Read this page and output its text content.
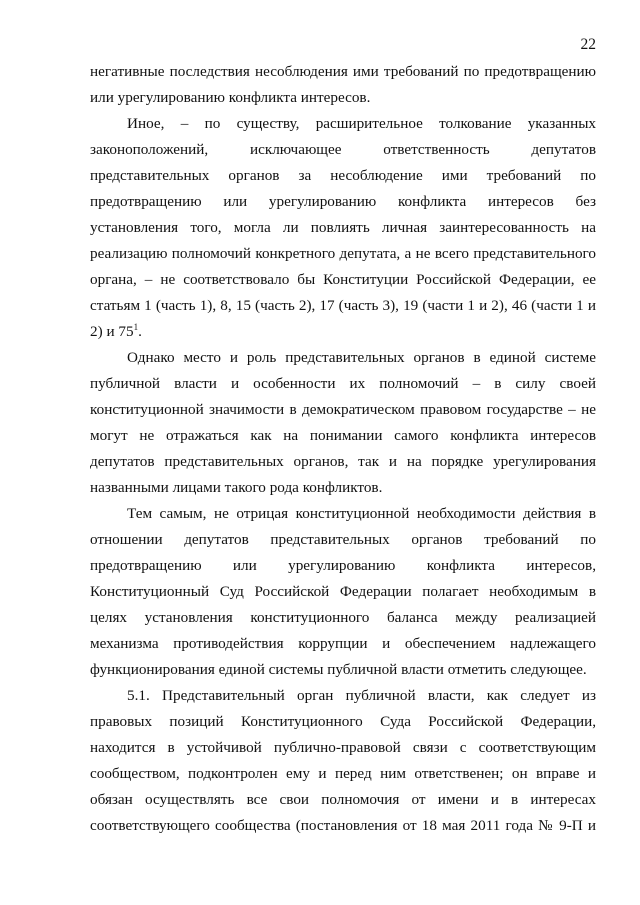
22
негативные последствия несоблюдения ими требований по предотвращению
или урегулированию конфликта интересов.
Иное, – по существу, расширительное толкование указанных
законоположений, исключающее ответственность депутатов
представительных органов за несоблюдение ими требований по
предотвращению или урегулированию конфликта интересов без
установления того, могла ли повлиять личная заинтересованность на
реализацию полномочий конкретного депутата, а не всего представительного
органа, – не соответствовало бы Конституции Российской Федерации, ее
статьям 1 (часть 1), 8, 15 (часть 2), 17 (часть 3), 19 (части 1 и 2), 46 (части 1 и
2) и $75^1$.
Однако место и роль представительных органов в единой системе
публичной власти и особенности их полномочий – в силу своей
конституционной значимости в демократическом правовом государстве – не
могут не отражаться как на понимании самого конфликта интересов
депутатов представительных органов, так и на порядке урегулирования
названными лицами такого рода конфликтов.
Тем самым, не отрицая конституционной необходимости действия в
отношении депутатов представительных органов требований по
предотвращению или урегулированию конфликта интересов,
Конституционный Суд Российской Федерации полагает необходимым в
целях установления конституционного баланса между реализацией
механизма противодействия коррупции и обеспечением надлежащего
функционирования единой системы публичной власти отметить следующее.
5.1. Представительный орган публичной власти, как следует из
правовых позиций Конституционного Суда Российской Федерации,
находится в устойчивой публично-правовой связи с соответствующим
сообществом, подконтролен ему и перед ним ответственен; он вправе и
обязан осуществлять все свои полномочия от имени и в интересах
соответствующего сообщества (постановления от 18 мая 2011 года № 9-П и
